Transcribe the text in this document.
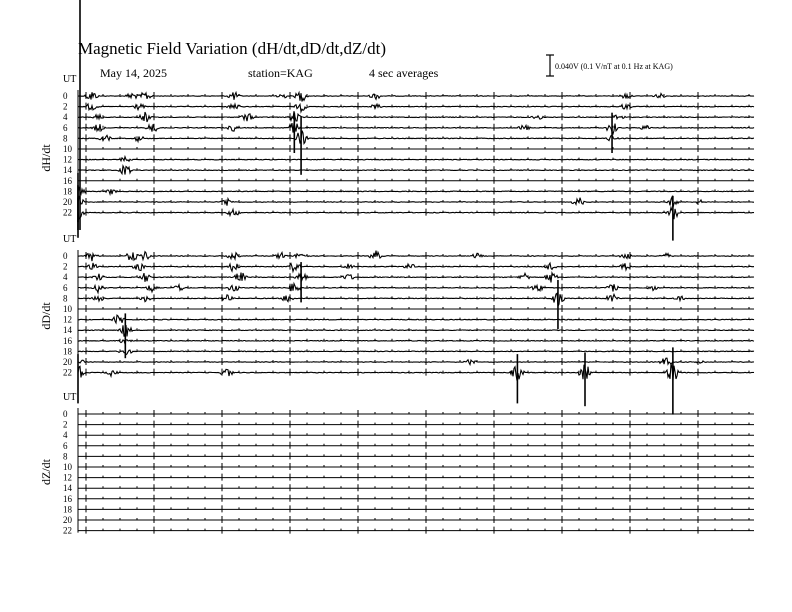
Magnetic Field Variation (dH/dt,dD/dt,dZ/dt)
May 14, 2025	station=KAG	4 sec averages	0.040V (0.1 V/nT at 0.1 Hz at KAG)
UT
dH/dt
0
2
4
6
8
10
12
14
16
18
20
22
UT
dD/dt
0
2
4
6
8
10
12
14
16
18
20
22
UT
dZ/dt
0
2
4
6
8
10
12
14
16
18
20
22
